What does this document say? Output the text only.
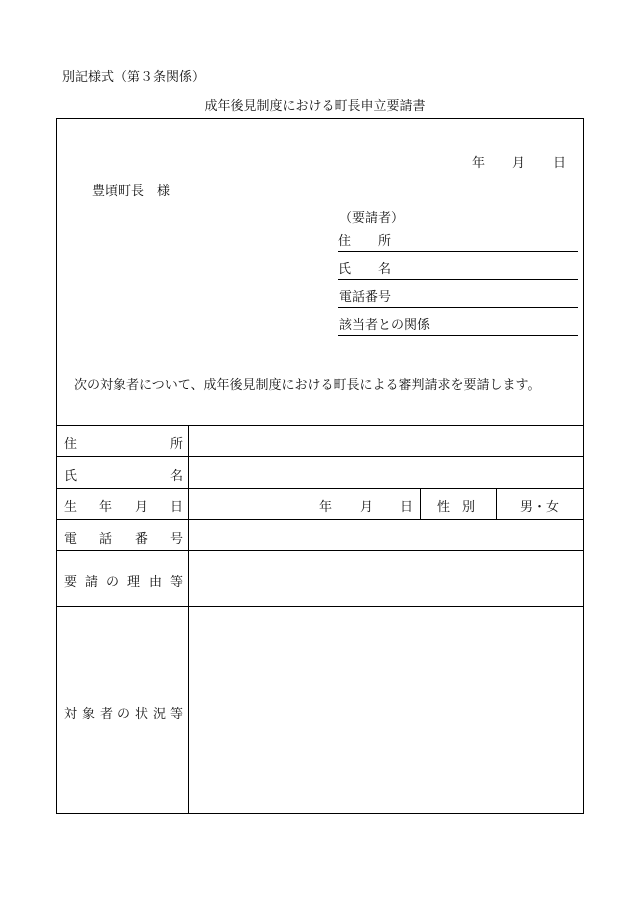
別記様式（第３条関係）
成年後見制度における町長申立要請書
年 月 日
豊頃町長　様
（要請者）
住 所
氏 名
電話番号
該当者との関係
次の対象者について、成年後見制度における町長による審判請求を要請します。
住	所
氏	名
生 年 月 日	年 月 日 性 別	男・女
電 話 番 号
要 請 の 理 由 等
対 象 者 の 状 況 等
